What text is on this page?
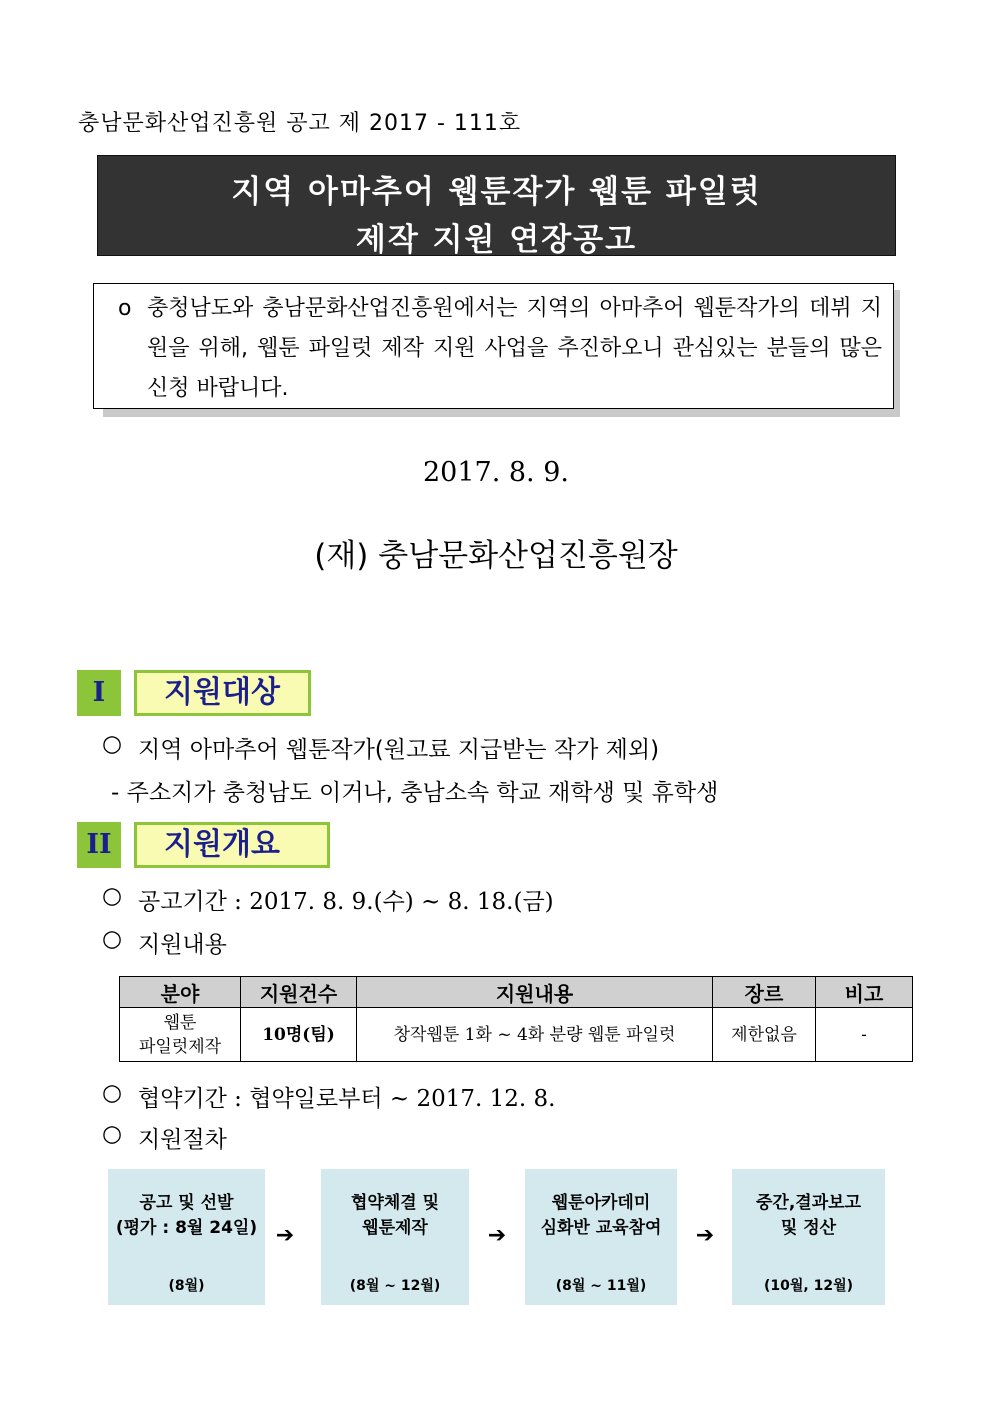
충남문화산업진흥원 공고 제 2017 - 111호
지역 아마추어 웹툰작가 웹툰 파일럿
제작 지원 연장공고
o 충청남도와 충남문화산업진흥원에서는 지역의 아마추어 웹툰작가의 데뷔 지원을 위해, 웹툰 파일럿 제작 지원 사업을 추진하오니 관심있는 분들의 많은 신청 바랍니다.
2017. 8. 9.
(재) 충남문화산업진흥원장
I	지원대상
○ 지역 아마추어 웹툰작가(원고료 지급받는 작가 제외)
- 주소지가 충청남도 이거나, 충남소속 학교 재학생 및 휴학생
II	지원개요
○ 공고기간 : 2017. 8. 9.(수) ~ 8. 18.(금)
○ 지원내용
분야	지원건수	지원내용	장르	비고

웹툰
파일럿제작	10명(팀)	창작웹툰 1화 ~ 4화 분량 웹툰 파일럿	제한없음	-
○ 협약기간 : 협약일로부터 ~ 2017. 12. 8.
○ 지원절차
공고 및 선발
(평가 : 8월 24일)
(8월)
➔
협약체결 및
웹툰제작
(8월 ~ 12월)
➔
웹툰아카데미
심화반 교육참여
(8월 ~ 11월)
➔
중간,결과보고
및 정산
(10월, 12월)
